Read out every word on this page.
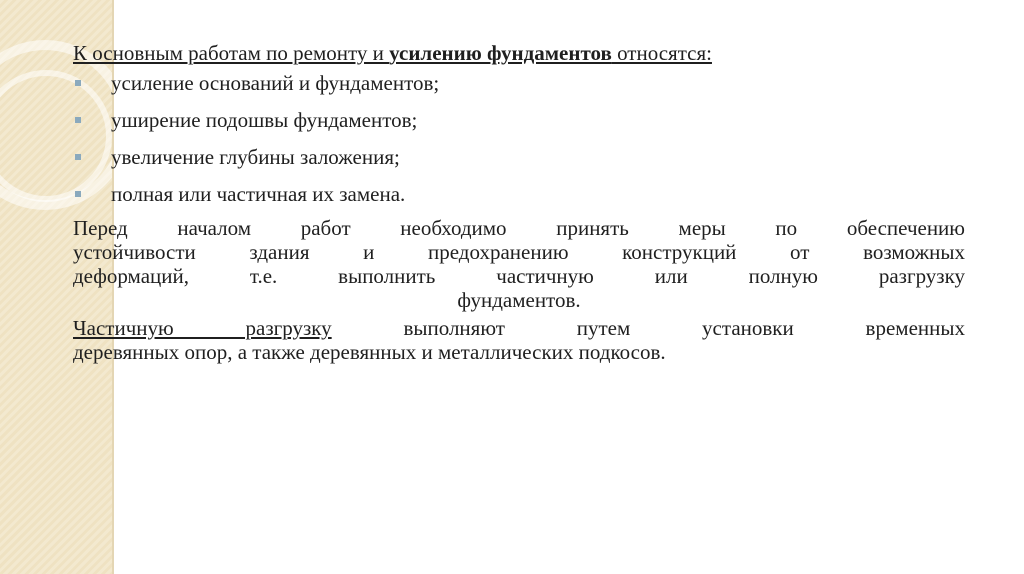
К основным работам по ремонту и усилению фундаментов относятся:

усиление оснований и фундаментов;
уширение подошвы фундаментов;
увеличение глубины заложения;
полная или частичная их замена.

Перед началом работ необходимо принять меры по обеспечению

устойчивости здания и предохранению конструкций от возможных

деформаций, т.е. выполнить частичную или полную разгрузку

фундаментов.

Частичную разгрузку выполняют путем установки временных

деревянных опор, а также деревянных и металлических подкосов.
